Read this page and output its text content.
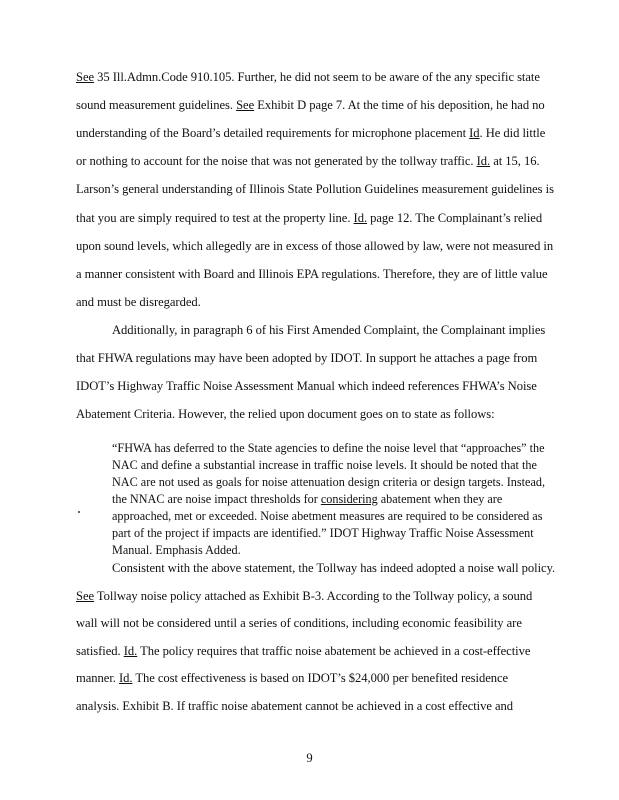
See 35 Ill.Admn.Code 910.105. Further, he did not seem to be aware of the any specific state
sound measurement guidelines. See Exhibit D page 7. At the time of his deposition, he had no
understanding of the Board’s detailed requirements for microphone placement Id. He did little
or nothing to account for the noise that was not generated by the tollway traffic. Id. at 15, 16.
Larson’s general understanding of Illinois State Pollution Guidelines measurement guidelines is
that you are simply required to test at the property line. Id. page 12. The Complainant’s relied
upon sound levels, which allegedly are in excess of those allowed by law, were not measured in
a manner consistent with Board and Illinois EPA regulations. Therefore, they are of little value
and must be disregarded.
Additionally, in paragraph 6 of his First Amended Complaint, the Complainant implies
that FHWA regulations may have been adopted by IDOT. In support he attaches a page from
IDOT’s Highway Traffic Noise Assessment Manual which indeed references FHWA’s Noise
Abatement Criteria. However, the relied upon document goes on to state as follows:
“FHWA has deferred to the State agencies to define the noise level that “approaches” the
NAC and define a substantial increase in traffic noise levels. It should be noted that the
NAC are not used as goals for noise attenuation design criteria or design targets. Instead,
the NNAC are noise impact thresholds for considering abatement when they are
approached, met or exceeded. Noise abetment measures are required to be considered as
part of the project if impacts are identified.” IDOT Highway Traffic Noise Assessment
Manual. Emphasis Added.
Consistent with the above statement, the Tollway has indeed adopted a noise wall policy.
See Tollway noise policy attached as Exhibit B-3. According to the Tollway policy, a sound
wall will not be considered until a series of conditions, including economic feasibility are
satisfied. Id. The policy requires that traffic noise abatement be achieved in a cost-effective
manner. Id. The cost effectiveness is based on IDOT’s $24,000 per benefited residence
analysis. Exhibit B. If traffic noise abatement cannot be achieved in a cost effective and
9
